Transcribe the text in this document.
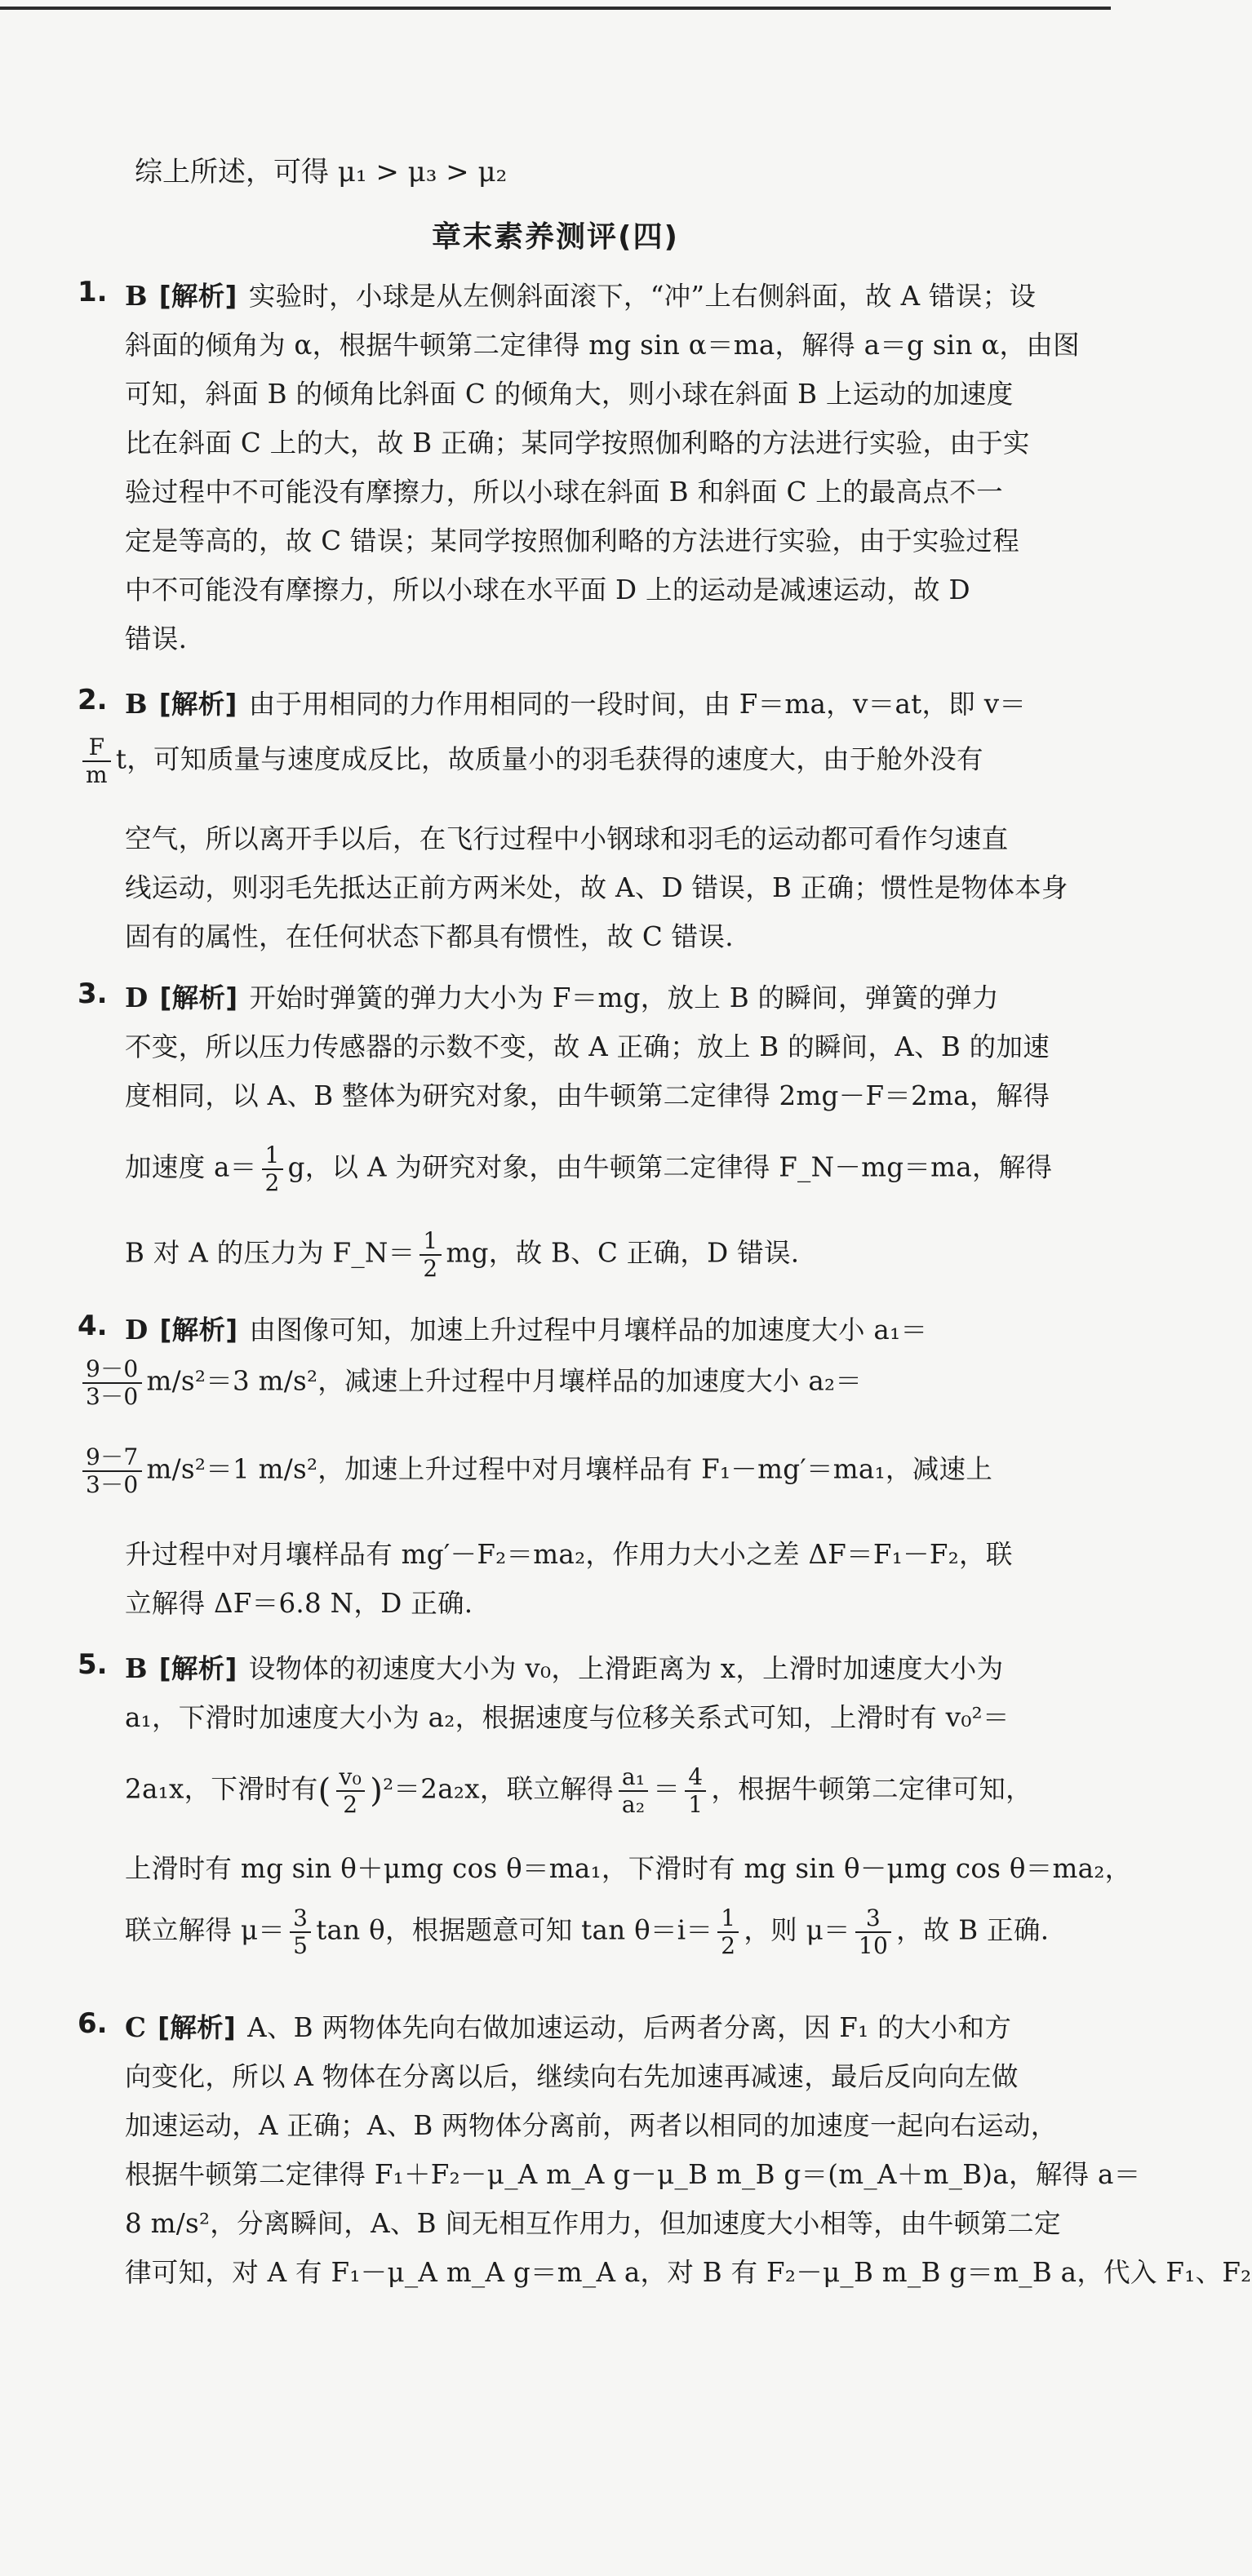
综上所述，可得 μ₁ > μ₃ > μ₂
章末素养测评(四)
1. B [解析] 实验时，小球是从左侧斜面滚下，“冲”上右侧斜面，故 A 错误；设
斜面的倾角为 α，根据牛顿第二定律得 mg sin α＝ma，解得 a＝g sin α，由图
可知，斜面 B 的倾角比斜面 C 的倾角大，则小球在斜面 B 上运动的加速度
比在斜面 C 上的大，故 B 正确；某同学按照伽利略的方法进行实验，由于实
验过程中不可能没有摩擦力，所以小球在斜面 B 和斜面 C 上的最高点不一
定是等高的，故 C 错误；某同学按照伽利略的方法进行实验，由于实验过程
中不可能没有摩擦力，所以小球在水平面 D 上的运动是减速运动，故 D
错误.
2. B [解析] 由于用相同的力作用相同的一段时间，由 F＝ma，v＝at，即 v＝
$\frac{F}{m}$ t，可知质量与速度成反比，故质量小的羽毛获得的速度大，由于舱外没有
空气，所以离开手以后，在飞行过程中小钢球和羽毛的运动都可看作匀速直
线运动，则羽毛先抵达正前方两米处，故 A、D 错误，B 正确；惯性是物体本身
固有的属性，在任何状态下都具有惯性，故 C 错误.
3. D [解析] 开始时弹簧的弹力大小为 F＝mg，放上 B 的瞬间，弹簧的弹力
不变，所以压力传感器的示数不变，故 A 正确；放上 B 的瞬间，A、B 的加速
度相同，以 A、B 整体为研究对象，由牛顿第二定律得 2mg－F＝2ma，解得
加速度 $a= \frac{1}{2}$ g，以 A 为研究对象，由牛顿第二定律得 F_N－mg＝ma，解得
B 对 A 的压力为 F_N＝ $\frac{1}{2}$ mg，故 B、C 正确，D 错误.
4. D [解析] 由图像可知，加速上升过程中月壤样品的加速度大小 a₁＝
$\frac{9-0}{3-0} m/s^2=3$ m/s²，减速上升过程中月壤样品的加速度大小 a₂＝
$\frac{9-7}{3-0} m/s^2=1$ m/s²，加速上升过程中对月壤样品有 F₁－mg′＝ma₁，减速上
升过程中对月壤样品有 mg′－F₂＝ma₂，作用力大小之差 ΔF＝F₁－F₂，联
立解得 ΔF＝6.8 N，D 正确.
5. B [解析] 设物体的初速度大小为 v₀，上滑距离为 x，上滑时加速度大小为
a₁，下滑时加速度大小为 a₂，根据速度与位移关系式可知，上滑时有 v₀²＝
2a₁x，下滑时有( $\frac{\text{v₀}}{2} )^2=2a_2x$，联立解得 $\frac{\text{a₁}}{\text{a₂}} = \frac{4}{1}$ ，根据牛顿第二定律可知，
上滑时有 mg sin θ＋μmg cos θ＝ma₁，下滑时有 mg sin θ－μmg cos θ＝ma₂，
联立解得 $\mu= \frac{3}{5}$ tan θ，根据题意可知 $\tan \theta=i= \frac{1}{2}$ ，则 $\mu= \frac{3}{10}$ ，故 B 正确.
6. C [解析] A、B 两物体先向右做加速运动，后两者分离，因 F₁ 的大小和方
向变化，所以 A 物体在分离以后，继续向右先加速再减速，最后反向向左做
加速运动，A 正确；A、B 两物体分离前，两者以相同的加速度一起向右运动，
根据牛顿第二定律得 F₁＋F₂－μ_A m_A g－μ_B m_B g＝(m_A＋m_B)a，解得 a＝
8 m/s²，分离瞬间，A、B 间无相互作用力，但加速度大小相等，由牛顿第二定
律可知，对 A 有 F₁－μ_A m_A g＝m_A a，对 B 有 F₂－μ_B m_B g＝m_B a，代入 F₁、F₂
